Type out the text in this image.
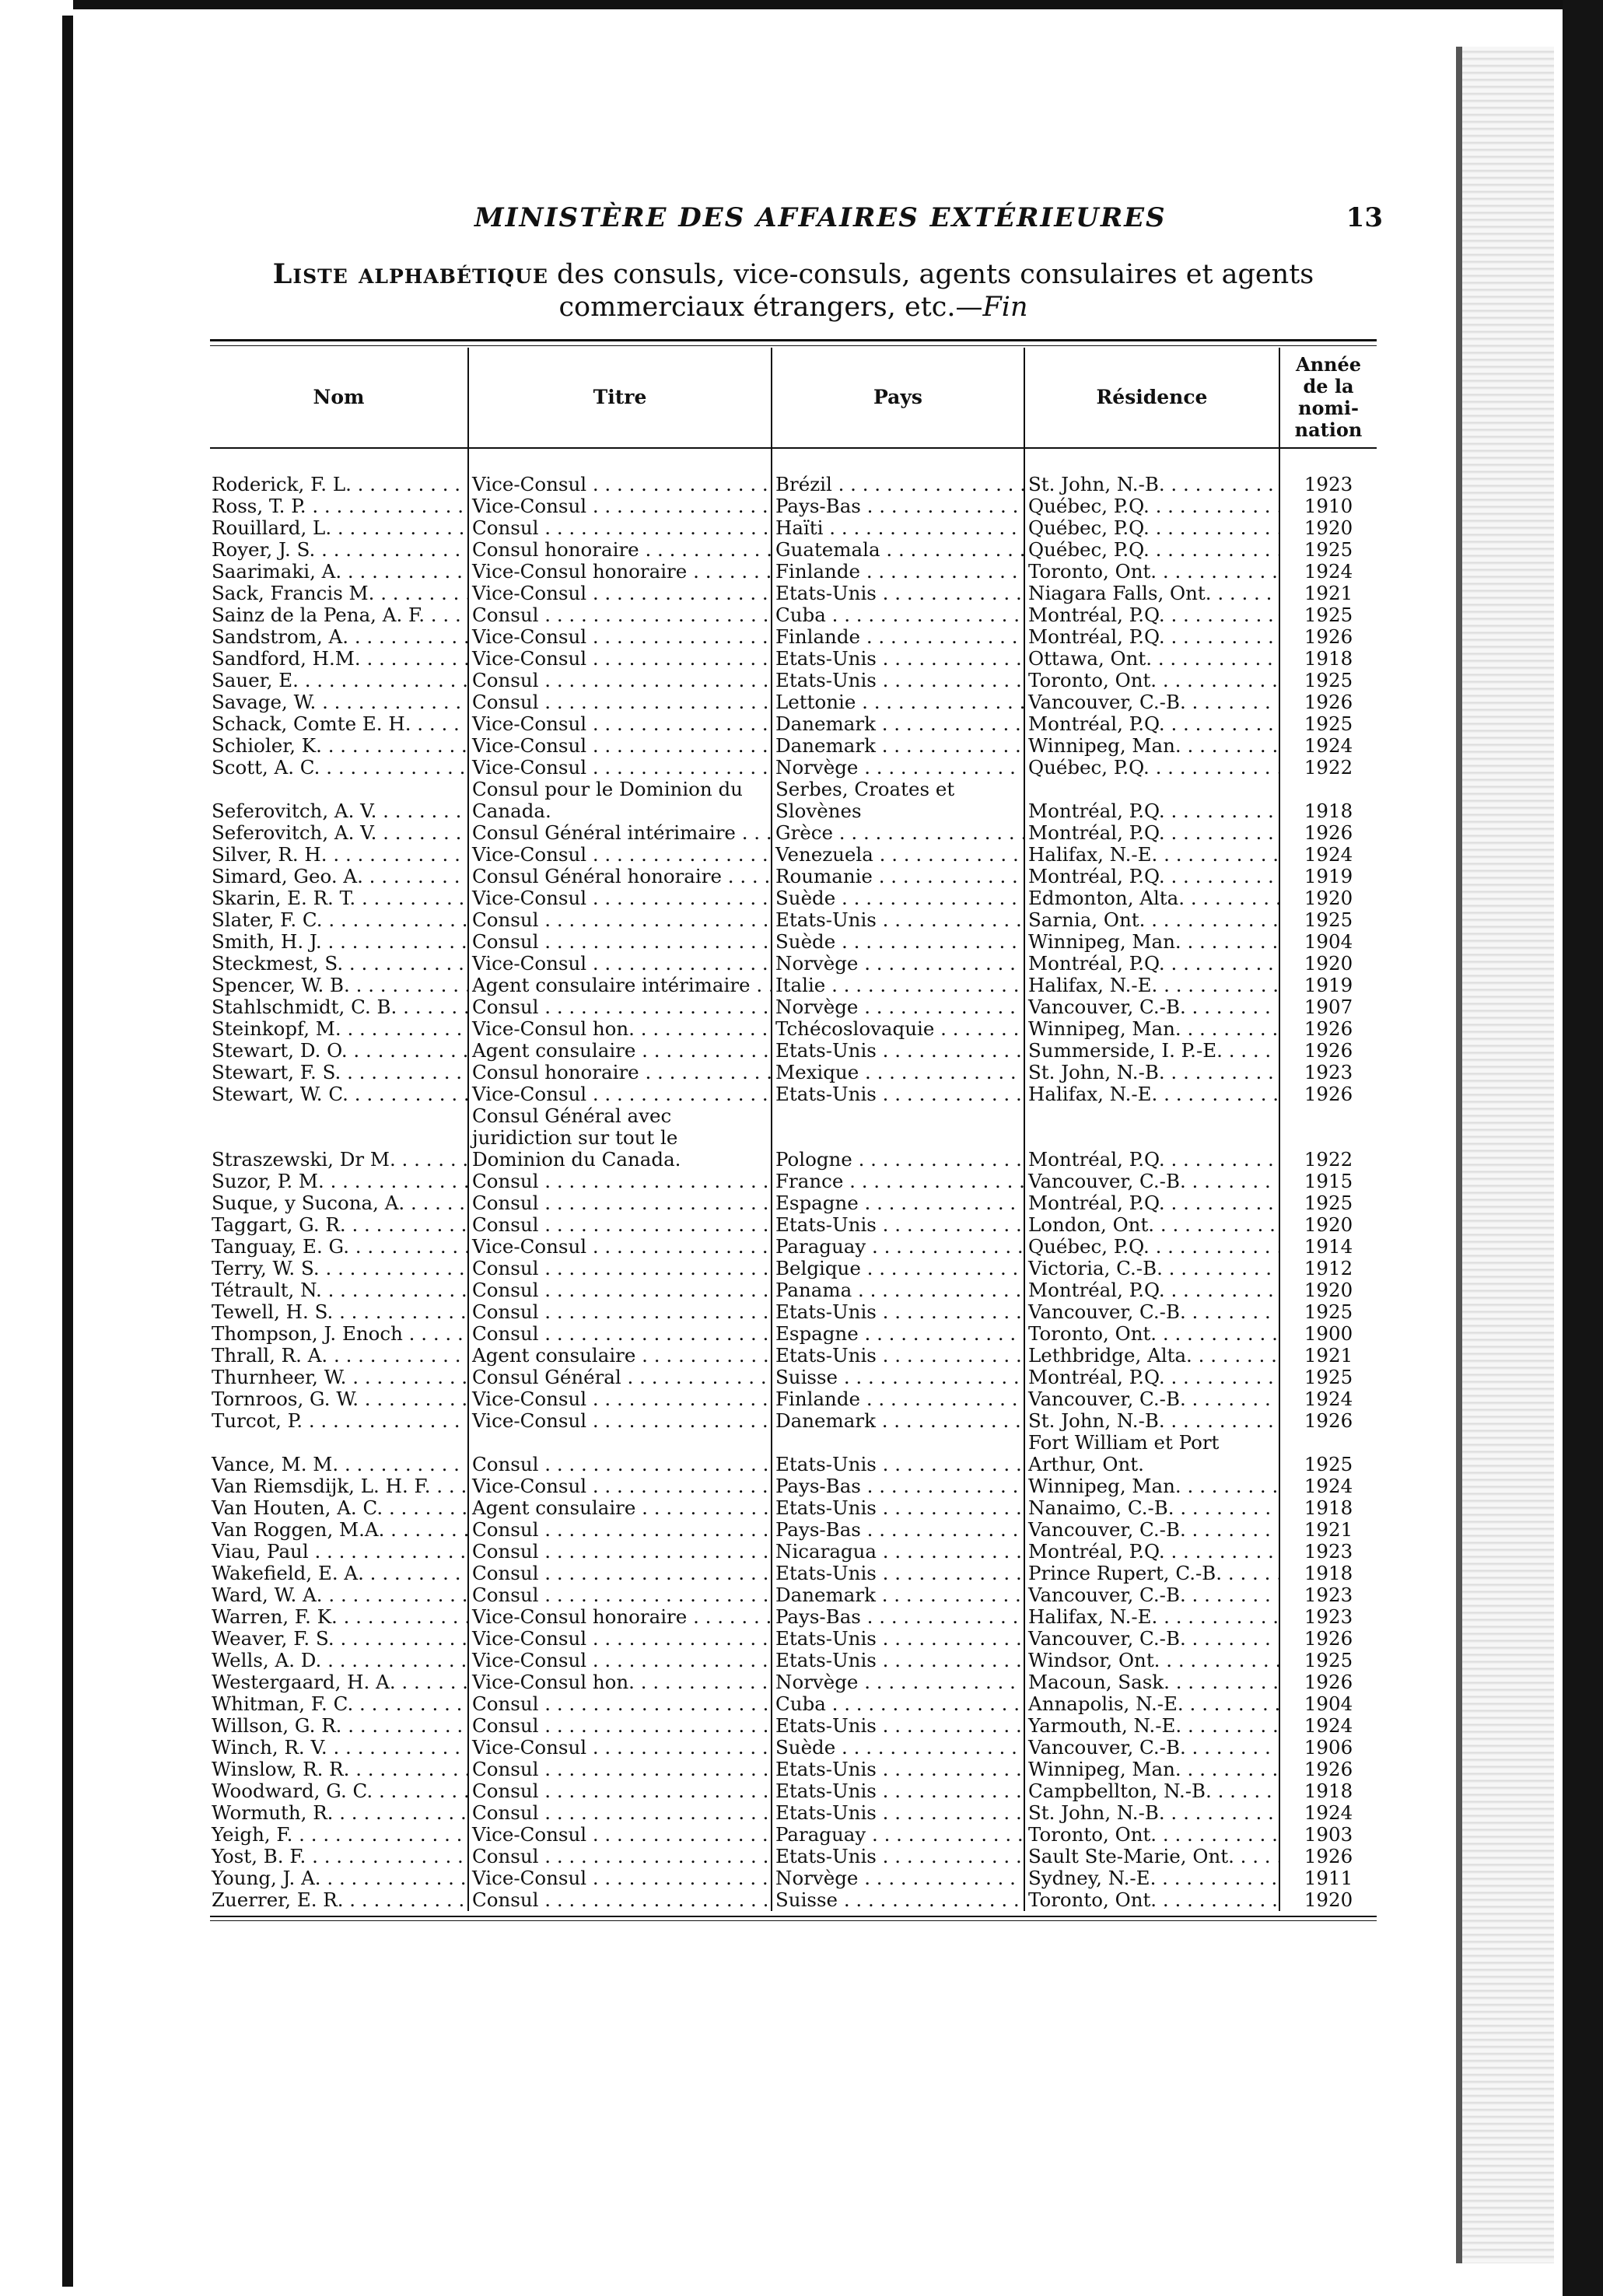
MINISTÈRE DES AFFAIRES EXTÉRIEURES	13
Liste alphabétique des consuls, vice-consuls, agents consulaires et agents
commerciaux étrangers, etc.—Fin
Nom	Titre	Pays	Résidence	Année
de la
nomi-
nation

Roderick, F. L. . . .	Vice-Consul . . .	Brézil . . .	St. John, N.-B. . . .	1923
Ross, T. P. . . .	Vice-Consul . . .	Pays-Bas . . .	Québec, P.Q. . . .	1910
Rouillard, L. . . .	Consul . . .	Haïti . . .	Québec, P.Q. . . .	1920
Royer, J. S. . . .	Consul honoraire . . .	Guatemala . . .	Québec, P.Q. . . .	1925
Saarimaki, A. . . .	Vice-Consul honoraire . . .	Finlande . . .	Toronto, Ont. . . .	1924
Sack, Francis M. . . .	Vice-Consul . . .	Etats-Unis . . .	Niagara Falls, Ont. . . .	1921
Sainz de la Pena, A. F. . . .	Consul . . .	Cuba . . .	Montréal, P.Q. . . .	1925
Sandstrom, A. . . .	Vice-Consul . . .	Finlande . . .	Montréal, P.Q. . . .	1926
Sandford, H.M. . . .	Vice-Consul . . .	Etats-Unis . . .	Ottawa, Ont. . . .	1918
Sauer, E. . . .	Consul . . .	Etats-Unis . . .	Toronto, Ont. . . .	1925
Savage, W. . . .	Consul . . .	Lettonie . . .	Vancouver, C.-B. . . .	1926
Schack, Comte E. H. . . .	Vice-Consul . . .	Danemark . . .	Montréal, P.Q. . . .	1925
Schioler, K. . . .	Vice-Consul . . .	Danemark . . .	Winnipeg, Man. . . .	1924
Scott, A. C. . . .	Vice-Consul . . .	Norvège . . .	Québec, P.Q. . . .	1922
Seferovitch, A. V. . . .	Consul pour le Dominion du Canada.	Serbes, Croates et Slovènes	Montréal, P.Q. . . .	1918
Seferovitch, A. V. . . .	Consul Général intérimaire . . .	Grèce . . .	Montréal, P.Q. . . .	1926
Silver, R. H. . . .	Vice-Consul . . .	Venezuela . . .	Halifax, N.-E. . . .	1924
Simard, Geo. A. . . .	Consul Général honoraire . . .	Roumanie . . .	Montréal, P.Q. . . .	1919
Skarin, E. R. T. . . .	Vice-Consul . . .	Suède . . .	Edmonton, Alta. . . .	1920
Slater, F. C. . . .	Consul . . .	Etats-Unis . . .	Sarnia, Ont. . . .	1925
Smith, H. J. . . .	Consul . . .	Suède . . .	Winnipeg, Man. . . .	1904
Steckmest, S. . . .	Vice-Consul . . .	Norvège . . .	Montréal, P.Q. . . .	1920
Spencer, W. B. . . .	Agent consulaire intérimaire . . .	Italie . . .	Halifax, N.-E. . . .	1919
Stahlschmidt, C. B. . . .	Consul . . .	Norvège . . .	Vancouver, C.-B. . . .	1907
Steinkopf, M. . . .	Vice-Consul hon. . . .	Tchécoslovaquie . . .	Winnipeg, Man. . . .	1926
Stewart, D. O. . . .	Agent consulaire . . .	Etats-Unis . . .	Summerside, I. P.-E. . . .	1926
Stewart, F. S. . . .	Consul honoraire . . .	Mexique . . .	St. John, N.-B. . . .	1923
Stewart, W. C. . . .	Vice-Consul . . .	Etats-Unis . . .	Halifax, N.-E. . . .	1926
Straszewski, Dr M. . . .	Consul Général avec juridiction sur tout le Dominion du Canada.	Pologne . . .	Montréal, P.Q. . . .	1922
Suzor, P. M. . . .	Consul . . .	France . . .	Vancouver, C.-B. . . .	1915
Suque, y Sucona, A. . . .	Consul . . .	Espagne . . .	Montréal, P.Q. . . .	1925
Taggart, G. R. . . .	Consul . . .	Etats-Unis . . .	London, Ont. . . .	1920
Tanguay, E. G. . . .	Vice-Consul . . .	Paraguay . . .	Québec, P.Q. . . .	1914
Terry, W. S. . . .	Consul . . .	Belgique . . .	Victoria, C.-B. . . .	1912
Tétrault, N. . . .	Consul . . .	Panama . . .	Montréal, P.Q. . . .	1920
Tewell, H. S. . . .	Consul . . .	Etats-Unis . . .	Vancouver, C.-B. . . .	1925
Thompson, J. Enoch . . .	Consul . . .	Espagne . . .	Toronto, Ont. . . .	1900
Thrall, R. A. . . .	Agent consulaire . . .	Etats-Unis . . .	Lethbridge, Alta. . . .	1921
Thurnheer, W. . . .	Consul Général . . .	Suisse . . .	Montréal, P.Q. . . .	1925
Tornroos, G. W. . . .	Vice-Consul . . .	Finlande . . .	Vancouver, C.-B. . . .	1924
Turcot, P. . . .	Vice-Consul . . .	Danemark . . .	St. John, N.-B. . . .	1926
Vance, M. M. . . .	Consul . . .	Etats-Unis . . .	Fort William et Port Arthur, Ont.	1925
Van Riemsdijk, L. H. F. . . .	Vice-Consul . . .	Pays-Bas . . .	Winnipeg, Man. . . .	1924
Van Houten, A. C. . . .	Agent consulaire . . .	Etats-Unis . . .	Nanaimo, C.-B. . . .	1918
Van Roggen, M.A. . . .	Consul . . .	Pays-Bas . . .	Vancouver, C.-B. . . .	1921
Viau, Paul . . .	Consul . . .	Nicaragua . . .	Montréal, P.Q. . . .	1923
Wakefield, E. A. . . .	Consul . . .	Etats-Unis . . .	Prince Rupert, C.-B. . . .	1918
Ward, W. A. . . .	Consul . . .	Danemark . . .	Vancouver, C.-B. . . .	1923
Warren, F. K. . . .	Vice-Consul honoraire . . .	Pays-Bas . . .	Halifax, N.-E. . . .	1923
Weaver, F. S. . . .	Vice-Consul . . .	Etats-Unis . . .	Vancouver, C.-B. . . .	1926
Wells, A. D. . . .	Vice-Consul . . .	Etats-Unis . . .	Windsor, Ont. . . .	1925
Westergaard, H. A. . . .	Vice-Consul hon. . . .	Norvège . . .	Macoun, Sask. . . .	1926
Whitman, F. C. . . .	Consul . . .	Cuba . . .	Annapolis, N.-E. . . .	1904
Willson, G. R. . . .	Consul . . .	Etats-Unis . . .	Yarmouth, N.-E. . . .	1924
Winch, R. V. . . .	Vice-Consul . . .	Suède . . .	Vancouver, C.-B. . . .	1906
Winslow, R. R. . . .	Consul . . .	Etats-Unis . . .	Winnipeg, Man. . . .	1926
Woodward, G. C. . . .	Consul . . .	Etats-Unis . . .	Campbellton, N.-B. . . .	1918
Wormuth, R. . . .	Consul . . .	Etats-Unis . . .	St. John, N.-B. . . .	1924
Yeigh, F. . . .	Vice-Consul . . .	Paraguay . . .	Toronto, Ont. . . .	1903
Yost, B. F. . . .	Consul . . .	Etats-Unis . . .	Sault Ste-Marie, Ont. . . .	1926
Young, J. A. . . .	Vice-Consul . . .	Norvège . . .	Sydney, N.-E. . . .	1911
Zuerrer, E. R. . . .	Consul . . .	Suisse . . .	Toronto, Ont. . . .	1920
